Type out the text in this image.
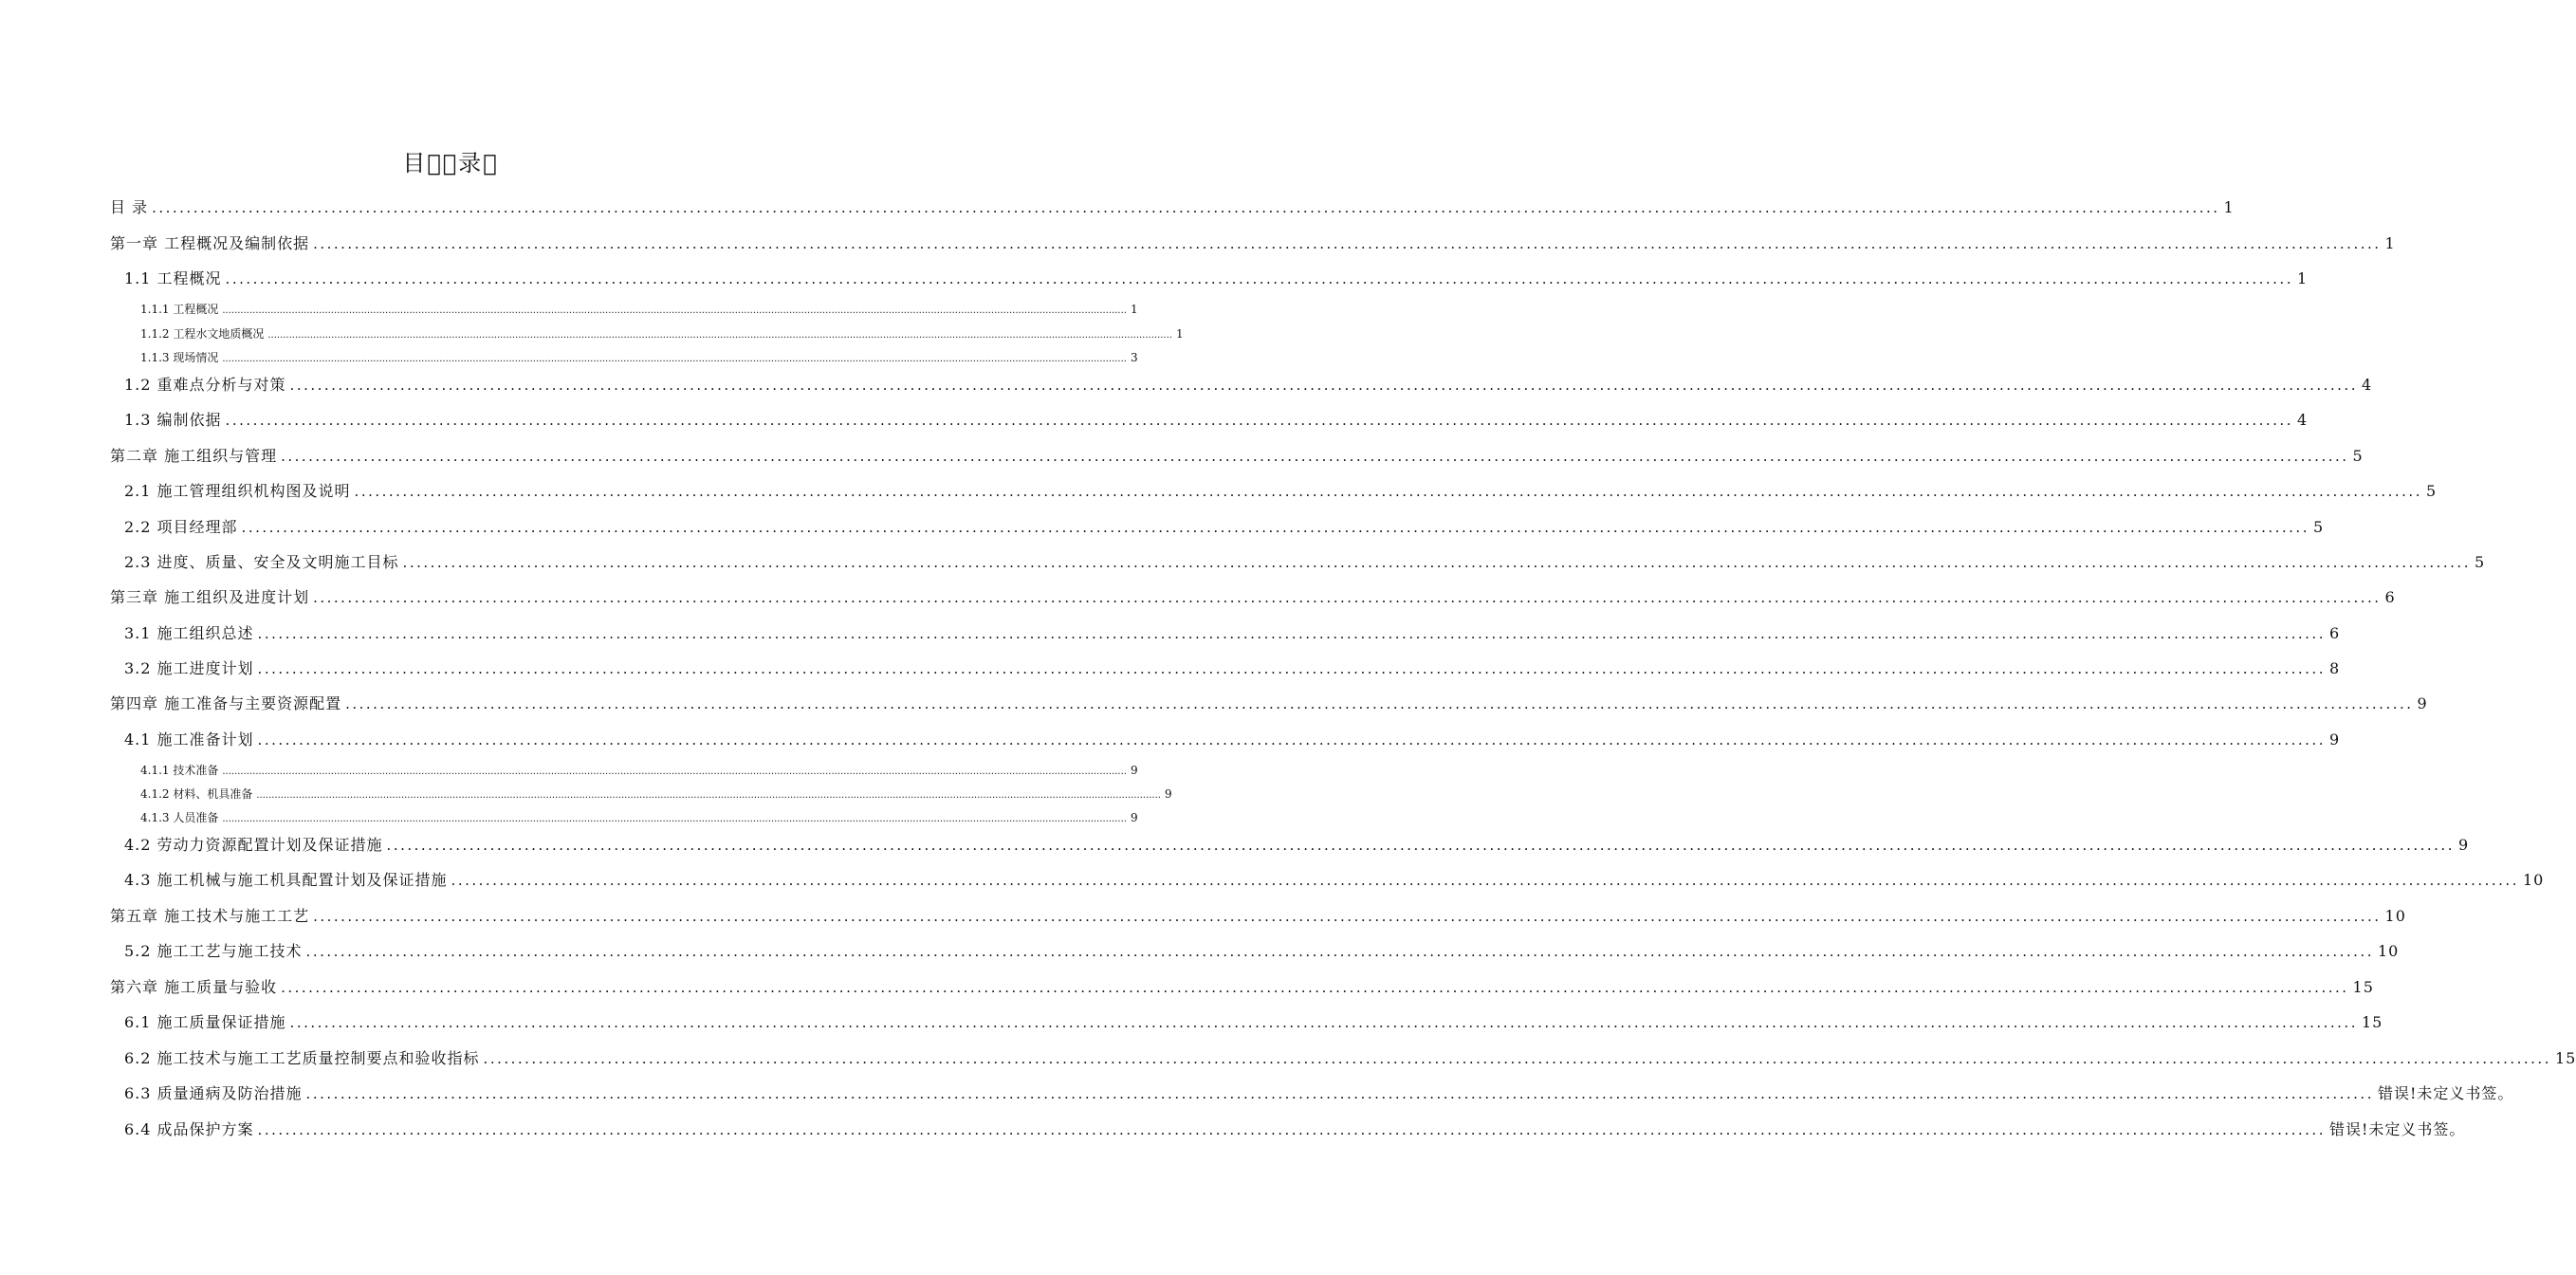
目  录 
目 录 ............................................................................................................................................................................................................................................................................................................ 1
第一章 工程概况及编制依据 ............................................................................................................................................................................................................................................................................................................ 1
1.1 工程概况 ............................................................................................................................................................................................................................................................................................................ 1
1.1.1 工程概况 ............................................................................................................................................................................................................................................................................................................ 1
1.1.2 工程水文地质概况 ............................................................................................................................................................................................................................................................................................................ 1
1.1.3 现场情况 ............................................................................................................................................................................................................................................................................................................ 3
1.2 重难点分析与对策 ............................................................................................................................................................................................................................................................................................................ 4
1.3 编制依据 ............................................................................................................................................................................................................................................................................................................ 4
第二章 施工组织与管理 ............................................................................................................................................................................................................................................................................................................ 5
2.1 施工管理组织机构图及说明 ............................................................................................................................................................................................................................................................................................................ 5
2.2 项目经理部 ............................................................................................................................................................................................................................................................................................................ 5
2.3 进度、质量、安全及文明施工目标 ............................................................................................................................................................................................................................................................................................................ 5
第三章 施工组织及进度计划 ............................................................................................................................................................................................................................................................................................................ 6
3.1 施工组织总述 ............................................................................................................................................................................................................................................................................................................ 6
3.2 施工进度计划 ............................................................................................................................................................................................................................................................................................................ 8
第四章 施工准备与主要资源配置 ............................................................................................................................................................................................................................................................................................................ 9
4.1 施工准备计划 ............................................................................................................................................................................................................................................................................................................ 9
4.1.1 技术准备 ............................................................................................................................................................................................................................................................................................................ 9
4.1.2 材料、机具准备 ............................................................................................................................................................................................................................................................................................................ 9
4.1.3 人员准备 ............................................................................................................................................................................................................................................................................................................ 9
4.2 劳动力资源配置计划及保证措施 ............................................................................................................................................................................................................................................................................................................ 9
4.3 施工机械与施工机具配置计划及保证措施 ............................................................................................................................................................................................................................................................................................................ 10
第五章 施工技术与施工工艺 ............................................................................................................................................................................................................................................................................................................ 10
5.2 施工工艺与施工技术 ............................................................................................................................................................................................................................................................................................................ 10
第六章 施工质量与验收 ............................................................................................................................................................................................................................................................................................................ 15
6.1 施工质量保证措施 ............................................................................................................................................................................................................................................................................................................ 15
6.2 施工技术与施工工艺质量控制要点和验收指标 ............................................................................................................................................................................................................................................................................................................ 15
6.3 质量通病及防治措施 ............................................................................................................................................................................................................................................................................................................ 错误!未定义书签。
6.4 成品保护方案 ............................................................................................................................................................................................................................................................................................................ 错误!未定义书签。
